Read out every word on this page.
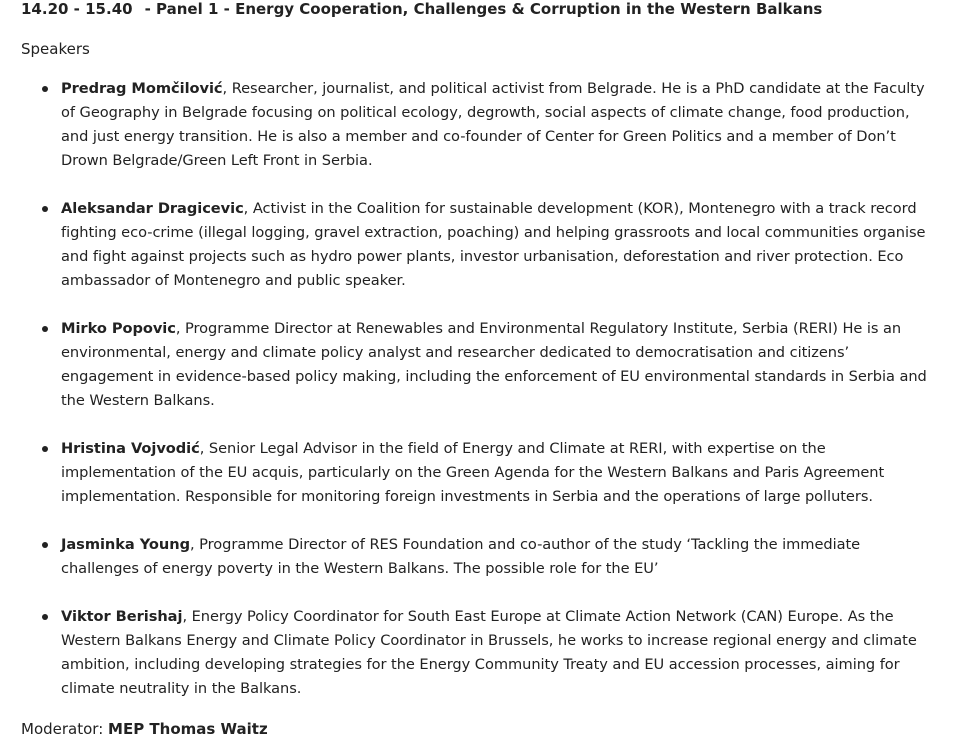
14.20 - 15.40 - Panel 1 - Energy Cooperation, Challenges & Corruption in the Western Balkans
Speakers
Predrag Momčilović, Researcher, journalist, and political activist from Belgrade. He is a PhD candidate at the Faculty of Geography in Belgrade focusing on political ecology, degrowth, social aspects of climate change, food production, and just energy transition. He is also a member and co-founder of Center for Green Politics and a member of Don’t Drown Belgrade/Green Left Front in Serbia.
Aleksandar Dragicevic, Activist in the Coalition for sustainable development (KOR), Montenegro with a track record fighting eco-crime (illegal logging, gravel extraction, poaching) and helping grassroots and local communities organise and fight against projects such as hydro power plants, investor urbanisation, deforestation and river protection. Eco ambassador of Montenegro and public speaker.
Mirko Popovic, Programme Director at Renewables and Environmental Regulatory Institute, Serbia (RERI) He is an environmental, energy and climate policy analyst and researcher dedicated to democratisation and citizens’ engagement in evidence-based policy making, including the enforcement of EU environmental standards in Serbia and the Western Balkans.
Hristina Vojvodić, Senior Legal Advisor in the field of Energy and Climate at RERI, with expertise on the implementation of the EU acquis, particularly on the Green Agenda for the Western Balkans and Paris Agreement implementation. Responsible for monitoring foreign investments in Serbia and the operations of large polluters.
Jasminka Young, Programme Director of RES Foundation and co-author of the study ‘Tackling the immediate challenges of energy poverty in the Western Balkans. The possible role for the EU’
Viktor Berishaj, Energy Policy Coordinator for South East Europe at Climate Action Network (CAN) Europe. As the Western Balkans Energy and Climate Policy Coordinator in Brussels, he works to increase regional energy and climate ambition, including developing strategies for the Energy Community Treaty and EU accession processes, aiming for climate neutrality in the Balkans.
Moderator: MEP Thomas Waitz
